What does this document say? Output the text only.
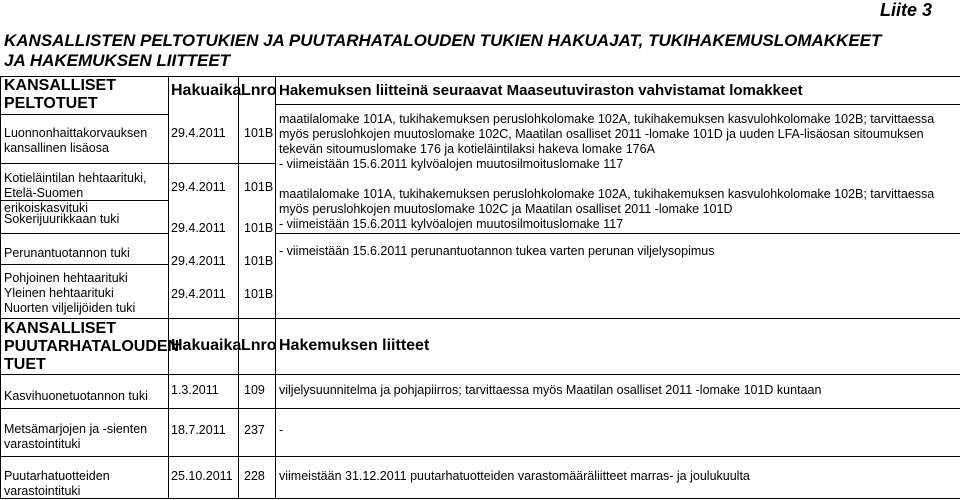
Liite 3
KANSALLISTEN PELTOTUKIEN JA PUUTARHATALOUDEN TUKIEN HAKUAJAT, TUKIHAKEMUSLOMAKKEET JA HAKEMUKSEN LIITTEET
KANSALLISET PELTOTUET
Hakuaika Lnro Hakemuksen liitteinä seuraavat Maaseutuviraston vahvistamat lomakkeet
Luonnonhaittakorvauksen kansallinen lisäosa
29.4.2011 101B
maatilalomake 101A, tukihakemuksen peruslohkolomake 102A, tukihakemuksen kasvulohkolomake 102B; tarvittaessa myös peruslohkojen muutoslomake 102C, Maatilan osalliset 2011 -lomake 101D ja uuden LFA-lisäosan sitoumuksen tekevän sitoumuslomake 176 ja kotieläintilaksi hakeva lomake 176A
- viimeistään 15.6.2011 kylvöalojen muutosilmoituslomake 117
Kotieläintilan hehtaarituki, Etelä-Suomen erikoiskasvituki
29.4.2011 101B maatilalomake 101A, tukihakemuksen peruslohkolomake 102A, tukihakemuksen kasvulohkolomake 102B; tarvittaessa myös peruslohkojen muutoslomake 102C ja Maatilan osalliset 2011 -lomake 101D
- viimeistään 15.6.2011 kylvöalojen muutosilmoituslomake 117
Sokerijuurikkaan tuki
29.4.2011 101B
Perunantuotannon tuki
29.4.2011 101B
- viimeistään 15.6.2011 perunantuotannon tukea varten perunan viljelysopimus
Pohjoinen hehtaarituki
Yleinen hehtaarituki
Nuorten viljelijöiden tuki
29.4.2011 101B
KANSALLISET PUUTARHATALOUDEN TUET
Hakuaika Lnro Hakemuksen liitteet
Kasvihuonetuotannon tuki 1.3.2011 109 viljelysuunnitelma ja pohjapiirros; tarvittaessa myös Maatilan osalliset 2011 -lomake 101D kuntaan
Metsämarjojen ja -sienten varastointituki
18.7.2011 237 -
Puutarhatuotteiden varastointituki
25.10.2011 228 viimeistään 31.12.2011 puutarhatuotteiden varastomääräliitteet marras- ja joulukuulta
